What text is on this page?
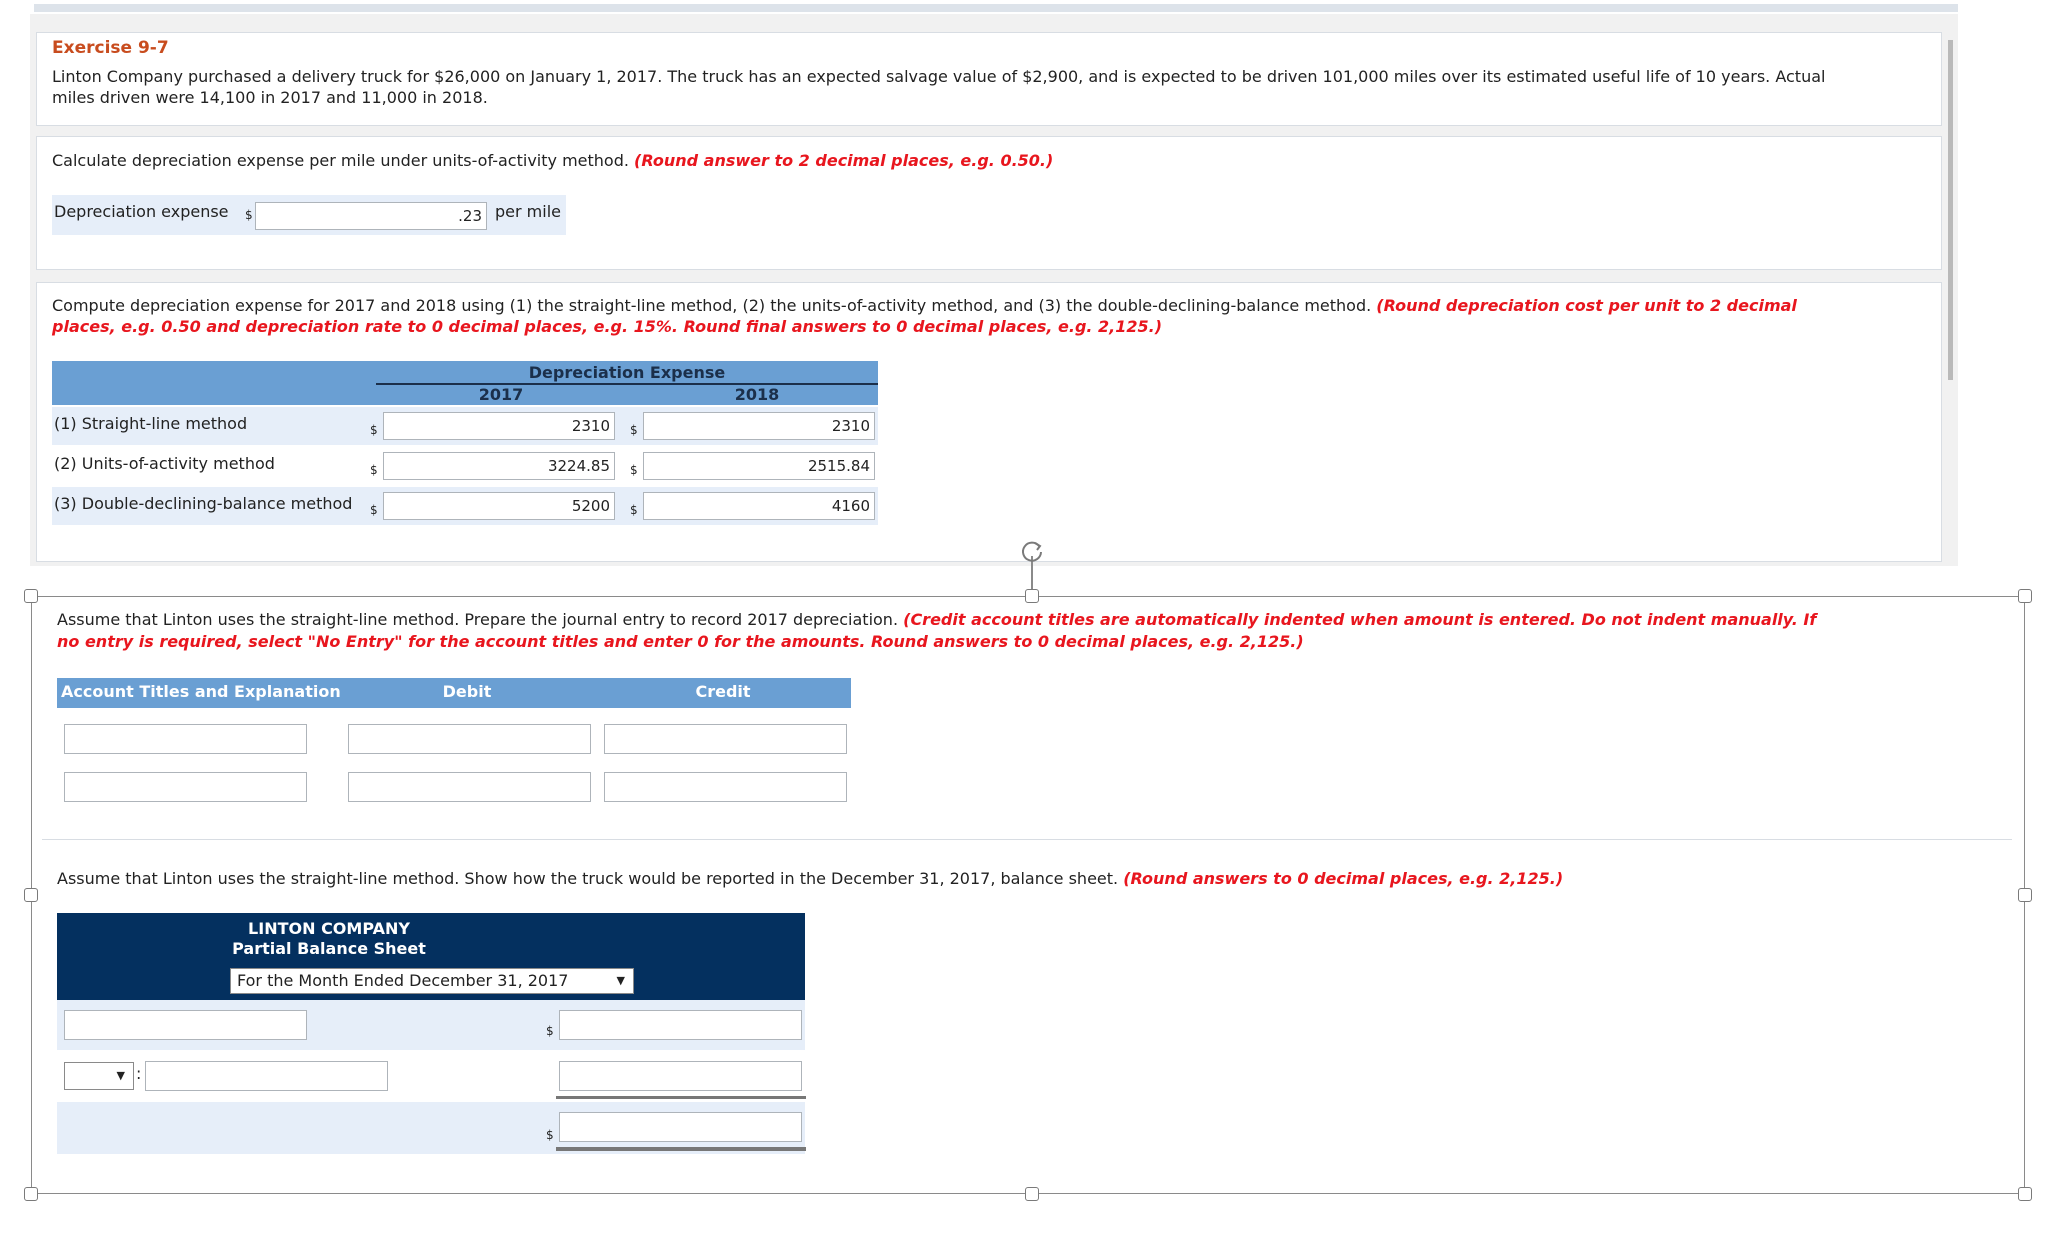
Exercise 9-7
Linton Company purchased a delivery truck for $26,000 on January 1, 2017. The truck has an expected salvage value of $2,900, and is expected to be driven 101,000 miles over its estimated useful life of 10 years. Actual
miles driven were 14,100 in 2017 and 11,000 in 2018.
Calculate depreciation expense per mile under units-of-activity method. (Round answer to 2 decimal places, e.g. 0.50.)
Depreciation expense $	.23 per mile
Compute depreciation expense for 2017 and 2018 using (1) the straight-line method, (2) the units-of-activity method, and (3) the double-declining-balance method. (Round depreciation cost per unit to 2 decimal
places, e.g. 0.50 and depreciation rate to 0 decimal places, e.g. 15%. Round final answers to 0 decimal places, e.g. 2,125.)
Depreciation Expense
2017	2018
(1) Straight-line method	$	2310	$	2310
(2) Units-of-activity method	$	3224.85	$	2515.84
(3) Double-declining-balance method $	5200	$	4160
Assume that Linton uses the straight-line method. Prepare the journal entry to record 2017 depreciation. (Credit account titles are automatically indented when amount is entered. Do not indent manually. If
no entry is required, select "No Entry" for the account titles and enter 0 for the amounts. Round answers to 0 decimal places, e.g. 2,125.)
Account Titles and Explanation	Debit	Credit
Assume that Linton uses the straight-line method. Show how the truck would be reported in the December 31, 2017, balance sheet. (Round answers to 0 decimal places, e.g. 2,125.)
LINTON COMPANY
Partial Balance Sheet
For the Month Ended December 31, 2017	▼
$
▼ :
$
